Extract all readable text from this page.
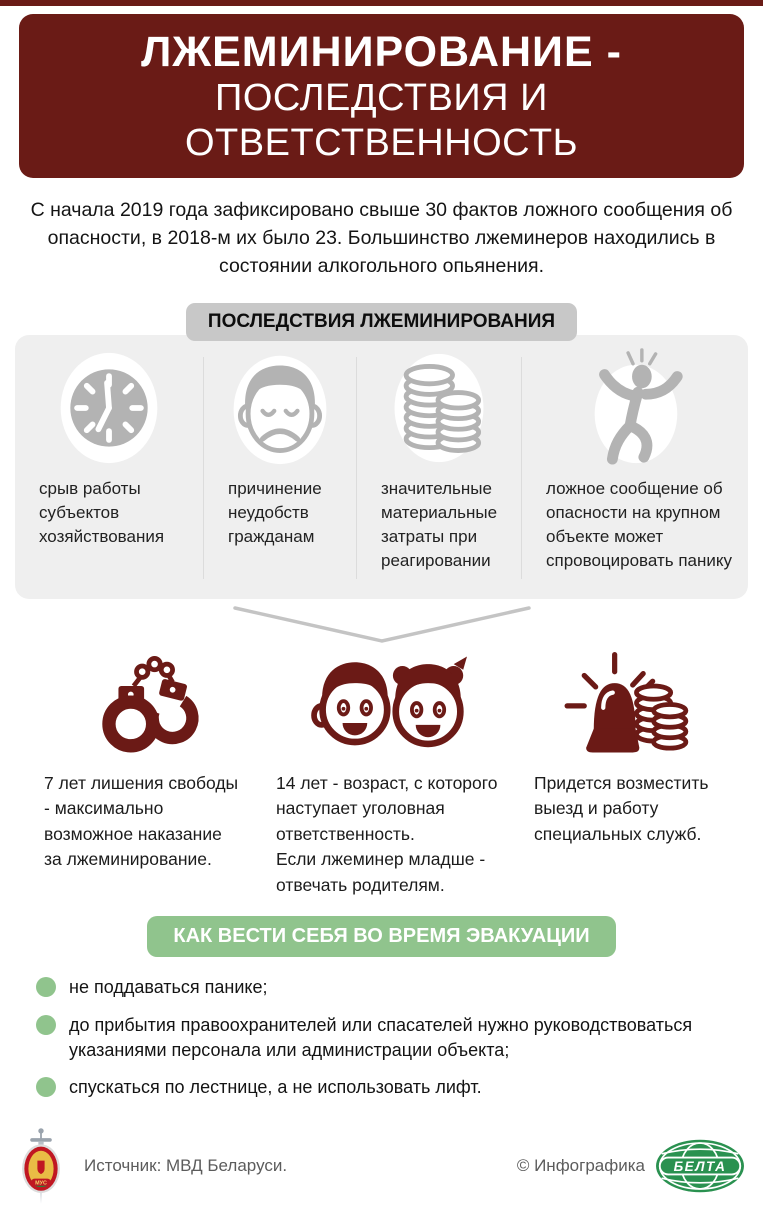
ЛЖЕМИНИРОВАНИЕ -
ПОСЛЕДСТВИЯ И ОТВЕТСТВЕННОСТЬ

С начала 2019 года зафиксировано свыше 30 фактов ложного сообщения об опасности, в 2018-м их было 23. Большинство лжеминеров находились в состоянии алкогольного опьянения.

ПОСЛЕДСТВИЯ ЛЖЕМИНИРОВАНИЯ
срыв работы субъектов хозяйствования
причинение неудобств гражданам
значительные материальные затраты при реагировании
ложное сообщение об опасности на крупном объекте может спровоцировать панику
7 лет лишения свободы - максимально возможное наказание за лжеминирование.
14 лет - возраст, с которого наступает уголовная ответственность.
Если лжеминер младше - отвечать родителям.
Придется возместить выезд и работу специальных служб.
КАК ВЕСТИ СЕБЯ ВО ВРЕМЯ ЭВАКУАЦИИ
не поддаваться панике;
до прибытия правоохранителей или спасателей нужно руководствоваться указаниями персонала или администрации объекта;
спускаться по лестнице, а не использовать лифт.
МУС
Источник: МВД Беларуси.	© Инфографика БЕЛТА
